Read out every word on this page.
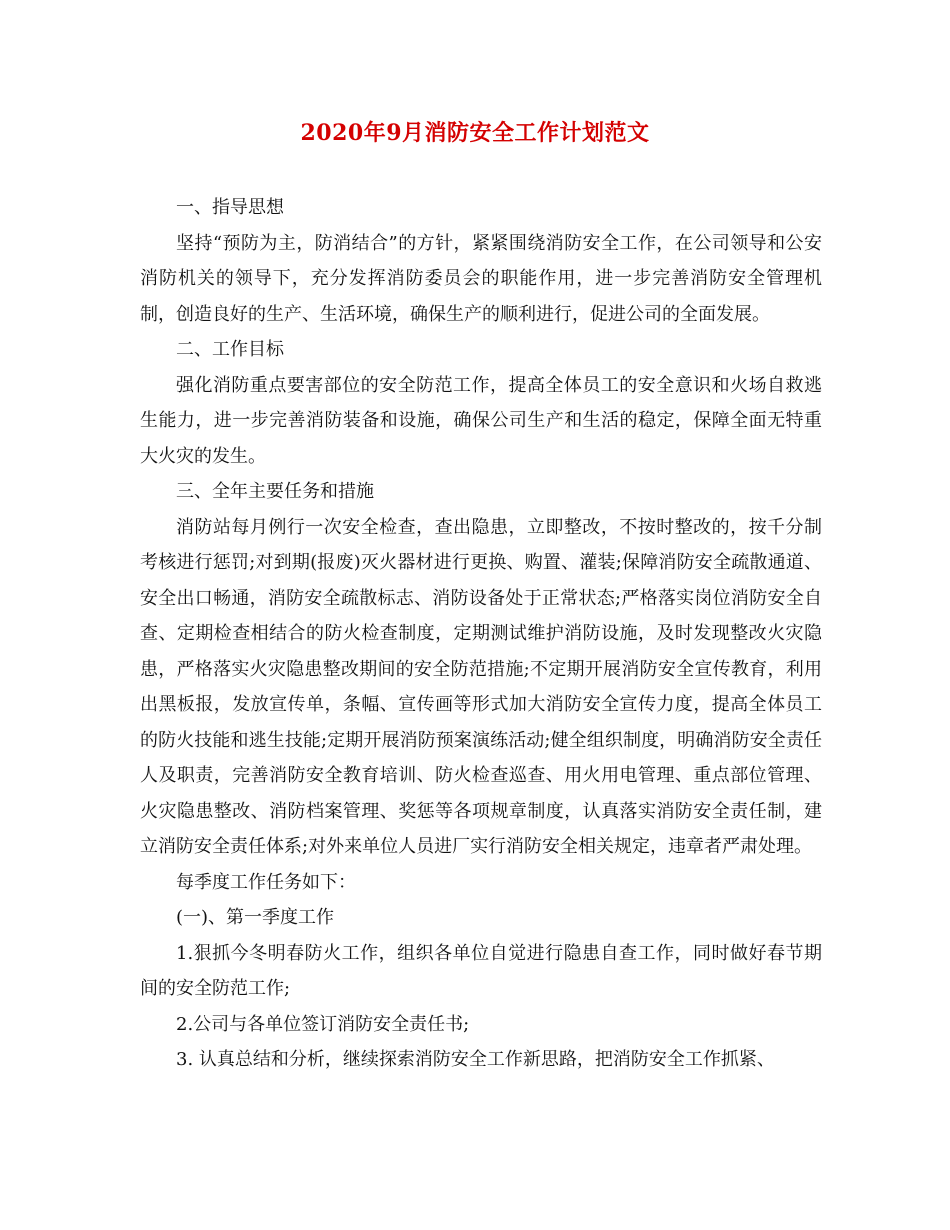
2020年9月消防安全工作计划范文

一、指导思想

坚持“预防为主，防消结合”的方针，紧紧围绕消防安全工作，在公司领导和公安消防机关的领导下，充分发挥消防委员会的职能作用，进一步完善消防安全管理机制，创造良好的生产、生活环境，确保生产的顺利进行，促进公司的全面发展。

二、工作目标

强化消防重点要害部位的安全防范工作，提高全体员工的安全意识和火场自救逃生能力，进一步完善消防装备和设施，确保公司生产和生活的稳定，保障全面无特重大火灾的发生。

三、全年主要任务和措施

消防站每月例行一次安全检查，查出隐患，立即整改，不按时整改的，按千分制考核进行惩罚;对到期(报废)灭火器材进行更换、购置、灌装;保障消防安全疏散通道、安全出口畅通，消防安全疏散标志、消防设备处于正常状态;严格落实岗位消防安全自查、定期检查相结合的防火检查制度，定期测试维护消防设施，及时发现整改火灾隐患，严格落实火灾隐患整改期间的安全防范措施;不定期开展消防安全宣传教育，利用出黑板报，发放宣传单，条幅、宣传画等形式加大消防安全宣传力度，提高全体员工的防火技能和逃生技能;定期开展消防预案演练活动;健全组织制度，明确消防安全责任人及职责，完善消防安全教育培训、防火检查巡查、用火用电管理、重点部位管理、火灾隐患整改、消防档案管理、奖惩等各项规章制度，认真落实消防安全责任制，建立消防安全责任体系;对外来单位人员进厂实行消防安全相关规定，违章者严肃处理。

每季度工作任务如下：

(一)、第一季度工作

1.狠抓今冬明春防火工作，组织各单位自觉进行隐患自查工作，同时做好春节期间的安全防范工作;

2.公司与各单位签订消防安全责任书;

3. 认真总结和分析，继续探索消防安全工作新思路，把消防安全工作抓紧、
